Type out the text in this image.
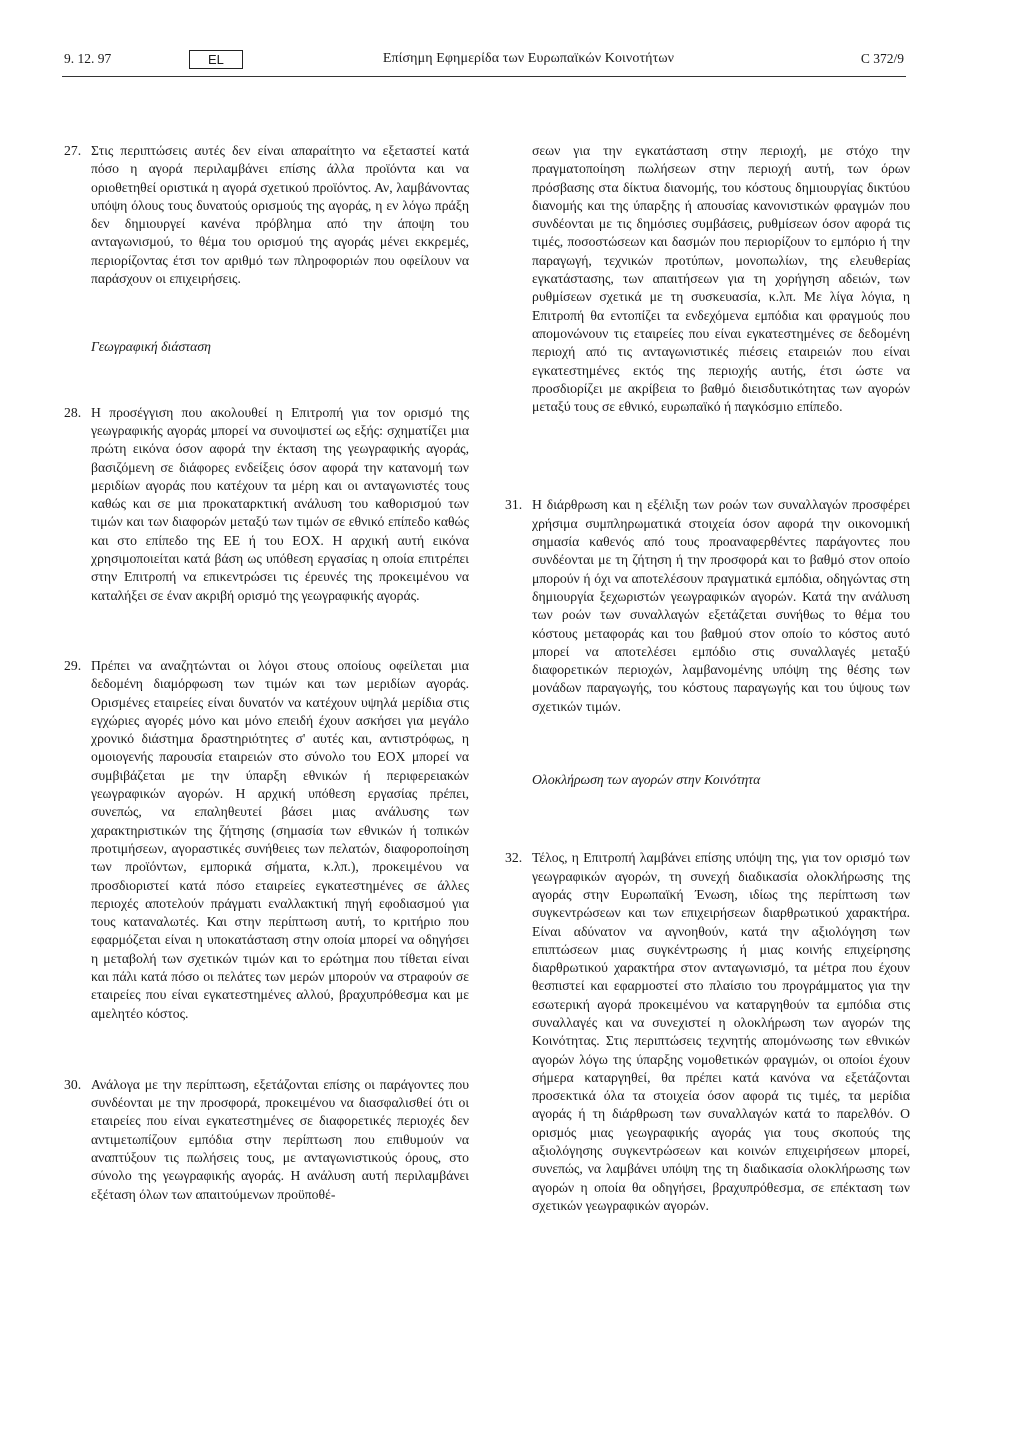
9. 12. 97	EL	Επίσημη Εφημερίδα των Ευρωπαϊκών Κοινοτήτων	C 372/9

27. Στις περιπτώσεις αυτές δεν είναι απαραίτητο να εξεταστεί κατά πόσο η αγορά περιλαμβάνει επίσης άλλα προϊόντα και να οριοθετηθεί οριστικά η αγορά σχετικού προϊόντος. Αν, λαμβάνοντας υπόψη όλους τους δυνατούς ορισμούς της αγοράς, η εν λόγω πράξη δεν δημιουργεί κανένα πρόβλημα από την άποψη του ανταγωνισμού, το θέμα του ορισμού της αγοράς μένει εκκρεμές, περιορίζοντας έτσι τον αριθμό των πληροφοριών που οφείλουν να παράσχουν οι επιχειρήσεις.

Γεωγραφική διάσταση

28. Η προσέγγιση που ακολουθεί η Επιτροπή για τον ορισμό της γεωγραφικής αγοράς μπορεί να συνοψιστεί ως εξής: σχηματίζει μια πρώτη εικόνα όσον αφορά την έκταση της γεωγραφικής αγοράς, βασιζόμενη σε διάφορες ενδείξεις όσον αφορά την κατανομή των μεριδίων αγοράς που κατέχουν τα μέρη και οι ανταγωνιστές τους καθώς και σε μια προκαταρκτική ανάλυση του καθορισμού των τιμών και των διαφορών μεταξύ των τιμών σε εθνικό επίπεδο καθώς και στο επίπεδο της ΕΕ ή του ΕΟΧ. Η αρχική αυτή εικόνα χρησιμοποιείται κατά βάση ως υπόθεση εργασίας η οποία επιτρέπει στην Επιτροπή να επικεντρώσει τις έρευνές της προκειμένου να καταλήξει σε έναν ακριβή ορισμό της γεωγραφικής αγοράς.

29. Πρέπει να αναζητώνται οι λόγοι στους οποίους οφείλεται μια δεδομένη διαμόρφωση των τιμών και των μεριδίων αγοράς. Ορισμένες εταιρείες είναι δυνατόν να κατέχουν υψηλά μερίδια στις εγχώριες αγορές μόνο και μόνο επειδή έχουν ασκήσει για μεγάλο χρονικό διάστημα δραστηριότητες σ' αυτές και, αντιστρόφως, η ομοιογενής παρουσία εταιρειών στο σύνολο του ΕΟΧ μπορεί να συμβιβάζεται με την ύπαρξη εθνικών ή περιφερειακών γεωγραφικών αγορών. Η αρχική υπόθεση εργασίας πρέπει, συνεπώς, να επαληθευτεί βάσει μιας ανάλυσης των χαρακτηριστικών της ζήτησης (σημασία των εθνικών ή τοπικών προτιμήσεων, αγοραστικές συνήθειες των πελατών, διαφοροποίηση των προϊόντων, εμπορικά σήματα, κ.λπ.), προκειμένου να προσδιοριστεί κατά πόσο εταιρείες εγκατεστημένες σε άλλες περιοχές αποτελούν πράγματι εναλλακτική πηγή εφοδιασμού για τους καταναλωτές. Και στην περίπτωση αυτή, το κριτήριο που εφαρμόζεται είναι η υποκατάσταση στην οποία μπορεί να οδηγήσει η μεταβολή των σχετικών τιμών και το ερώτημα που τίθεται είναι και πάλι κατά πόσο οι πελάτες των μερών μπορούν να στραφούν σε εταιρείες που είναι εγκατεστημένες αλλού, βραχυπρόθεσμα και με αμελητέο κόστος.

30. Ανάλογα με την περίπτωση, εξετάζονται επίσης οι παράγοντες που συνδέονται με την προσφορά, προκειμένου να διασφαλισθεί ότι οι εταιρείες που είναι εγκατεστημένες σε διαφορετικές περιοχές δεν αντιμετωπίζουν εμπόδια στην περίπτωση που επιθυμούν να αναπτύξουν τις πωλήσεις τους, με ανταγωνιστικούς όρους, στο σύνολο της γεωγραφικής αγοράς. Η ανάλυση αυτή περιλαμβάνει εξέταση όλων των απαιτούμενων προϋποθέ-

σεων για την εγκατάσταση στην περιοχή, με στόχο την πραγματοποίηση πωλήσεων στην περιοχή αυτή, των όρων πρόσβασης στα δίκτυα διανομής, του κόστους δημιουργίας δικτύου διανομής και της ύπαρξης ή απουσίας κανονιστικών φραγμών που συνδέονται με τις δημόσιες συμβάσεις, ρυθμίσεων όσον αφορά τις τιμές, ποσοστώσεων και δασμών που περιορίζουν το εμπόριο ή την παραγωγή, τεχνικών προτύπων, μονοπωλίων, της ελευθερίας εγκατάστασης, των απαιτήσεων για τη χορήγηση αδειών, των ρυθμίσεων σχετικά με τη συσκευασία, κ.λπ. Με λίγα λόγια, η Επιτροπή θα εντοπίζει τα ενδεχόμενα εμπόδια και φραγμούς που απομονώνουν τις εταιρείες που είναι εγκατεστημένες σε δεδομένη περιοχή από τις ανταγωνιστικές πιέσεις εταιρειών που είναι εγκατεστημένες εκτός της περιοχής αυτής, έτσι ώστε να προσδιορίζει με ακρίβεια το βαθμό διεισδυτικότητας των αγορών μεταξύ τους σε εθνικό, ευρωπαϊκό ή παγκόσμιο επίπεδο.

31. Η διάρθρωση και η εξέλιξη των ροών των συναλλαγών προσφέρει χρήσιμα συμπληρωματικά στοιχεία όσον αφορά την οικονομική σημασία καθενός από τους προαναφερθέντες παράγοντες που συνδέονται με τη ζήτηση ή την προσφορά και το βαθμό στον οποίο μπορούν ή όχι να αποτελέσουν πραγματικά εμπόδια, οδηγώντας στη δημιουργία ξεχωριστών γεωγραφικών αγορών. Κατά την ανάλυση των ροών των συναλλαγών εξετάζεται συνήθως το θέμα του κόστους μεταφοράς και του βαθμού στον οποίο το κόστος αυτό μπορεί να αποτελέσει εμπόδιο στις συναλλαγές μεταξύ διαφορετικών περιοχών, λαμβανομένης υπόψη της θέσης των μονάδων παραγωγής, του κόστους παραγωγής και του ύψους των σχετικών τιμών.

Ολοκλήρωση των αγορών στην Κοινότητα

32. Τέλος, η Επιτροπή λαμβάνει επίσης υπόψη της, για τον ορισμό των γεωγραφικών αγορών, τη συνεχή διαδικασία ολοκλήρωσης της αγοράς στην Ευρωπαϊκή Ένωση, ιδίως της περίπτωση των συγκεντρώσεων και των επιχειρήσεων διαρθρωτικού χαρακτήρα. Είναι αδύνατον να αγνοηθούν, κατά την αξιολόγηση των επιπτώσεων μιας συγκέντρωσης ή μιας κοινής επιχείρησης διαρθρωτικού χαρακτήρα στον ανταγωνισμό, τα μέτρα που έχουν θεσπιστεί και εφαρμοστεί στο πλαίσιο του προγράμματος για την εσωτερική αγορά προκειμένου να καταργηθούν τα εμπόδια στις συναλλαγές και να συνεχιστεί η ολοκλήρωση των αγορών της Κοινότητας. Στις περιπτώσεις τεχνητής απομόνωσης των εθνικών αγορών λόγω της ύπαρξης νομοθετικών φραγμών, οι οποίοι έχουν σήμερα καταργηθεί, θα πρέπει κατά κανόνα να εξετάζονται προσεκτικά όλα τα στοιχεία όσον αφορά τις τιμές, τα μερίδια αγοράς ή τη διάρθρωση των συναλλαγών κατά το παρελθόν. Ο ορισμός μιας γεωγραφικής αγοράς για τους σκοπούς της αξιολόγησης συγκεντρώσεων και κοινών επιχειρήσεων μπορεί, συνεπώς, να λαμβάνει υπόψη της τη διαδικασία ολοκλήρωσης των αγορών η οποία θα οδηγήσει, βραχυπρόθεσμα, σε επέκταση των σχετικών γεωγραφικών αγορών.
